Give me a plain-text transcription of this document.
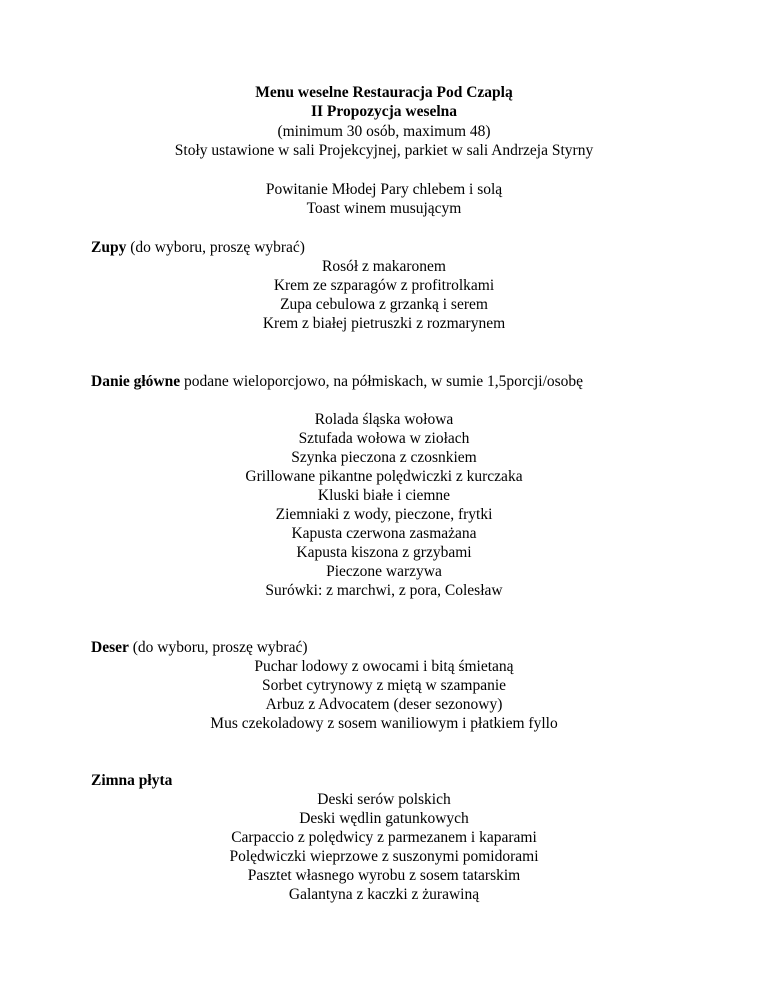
Menu weselne Restauracja Pod Czaplą
II Propozycja weselna
(minimum 30 osób, maximum 48)
Stoły ustawione w sali Projekcyjnej, parkiet w sali Andrzeja Styrny
Powitanie Młodej Pary chlebem i solą
Toast winem musującym
Zupy (do wyboru, proszę wybrać)
Rosół z makaronem
Krem ze szparagów z profitrolkami
Zupa cebulowa z grzanką i serem
Krem z białej pietruszki z rozmarynem
Danie główne podane wieloporcjowo, na półmiskach, w sumie 1,5porcji/osobę
Rolada śląska wołowa
Sztufada wołowa w ziołach
Szynka pieczona z czosnkiem
Grillowane pikantne polędwiczki z kurczaka
Kluski białe i ciemne
Ziemniaki z wody, pieczone, frytki
Kapusta czerwona zasmażana
Kapusta kiszona z grzybami
Pieczone warzywa
Surówki: z marchwi, z pora, Colesław
Deser (do wyboru, proszę wybrać)
Puchar lodowy z owocami i bitą śmietaną
Sorbet cytrynowy z miętą w szampanie
Arbuz z Advocatem (deser sezonowy)
Mus czekoladowy z sosem waniliowym i płatkiem fyllo
Zimna płyta
Deski serów polskich
Deski wędlin gatunkowych
Carpaccio z polędwicy z parmezanem i kaparami
Polędwiczki wieprzowe z suszonymi pomidorami
Pasztet własnego wyrobu z sosem tatarskim
Galantyna z kaczki z żurawiną
